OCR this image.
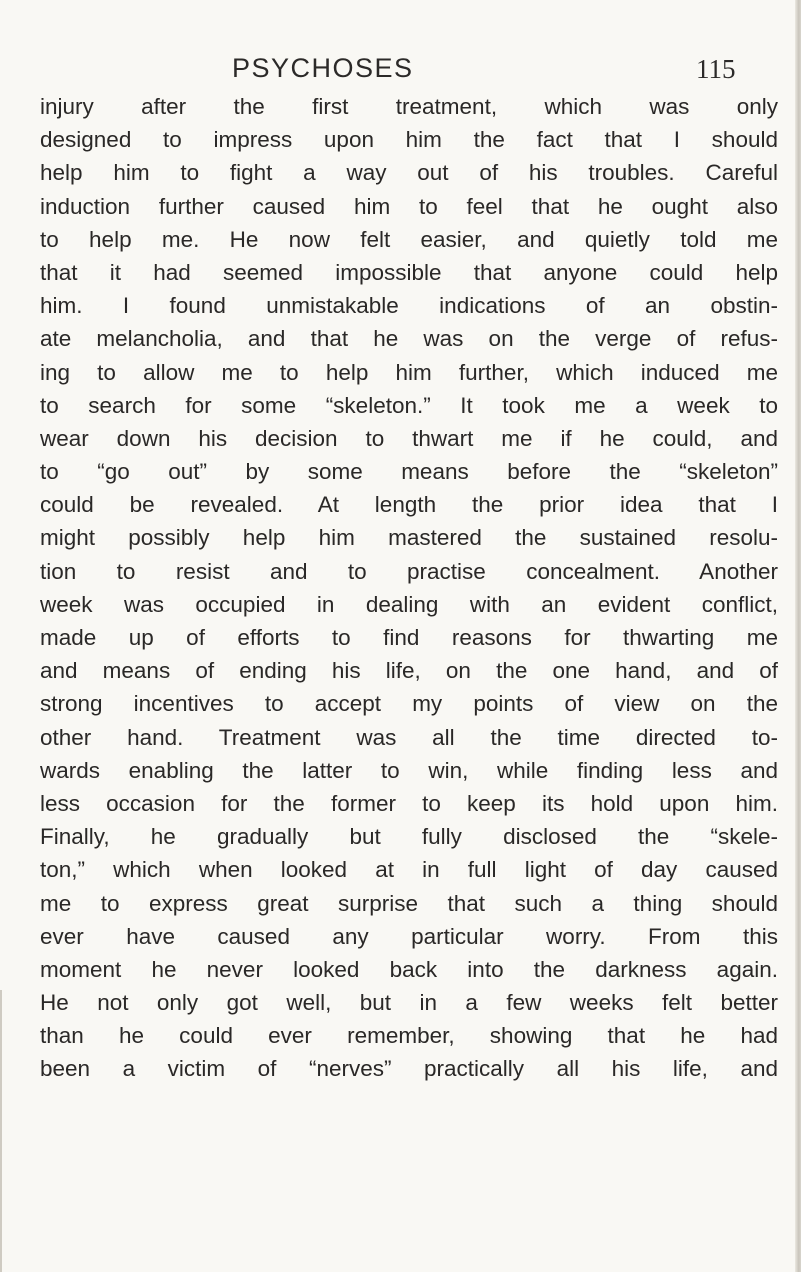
PSYCHOSES	115
injury after the first treatment, which was only
designed to impress upon him the fact that I should
help him to fight a way out of his troubles. Careful
induction further caused him to feel that he ought also
to help me. He now felt easier, and quietly told me
that it had seemed impossible that anyone could help
him. I found unmistakable indications of an obstin-
ate melancholia, and that he was on the verge of refus-
ing to allow me to help him further, which induced me
to search for some “skeleton.” It took me a week to
wear down his decision to thwart me if he could, and
to “go out” by some means before the “skeleton”
could be revealed. At length the prior idea that I
might possibly help him mastered the sustained resolu-
tion to resist and to practise concealment. Another
week was occupied in dealing with an evident conflict,
made up of efforts to find reasons for thwarting me
and means of ending his life, on the one hand, and of
strong incentives to accept my points of view on the
other hand. Treatment was all the time directed to-
wards enabling the latter to win, while finding less and
less occasion for the former to keep its hold upon him.
Finally, he gradually but fully disclosed the “skele-
ton,” which when looked at in full light of day caused
me to express great surprise that such a thing should
ever have caused any particular worry. From this
moment he never looked back into the darkness again.
He not only got well, but in a few weeks felt better
than he could ever remember, showing that he had
been a victim of “nerves” practically all his life, and
